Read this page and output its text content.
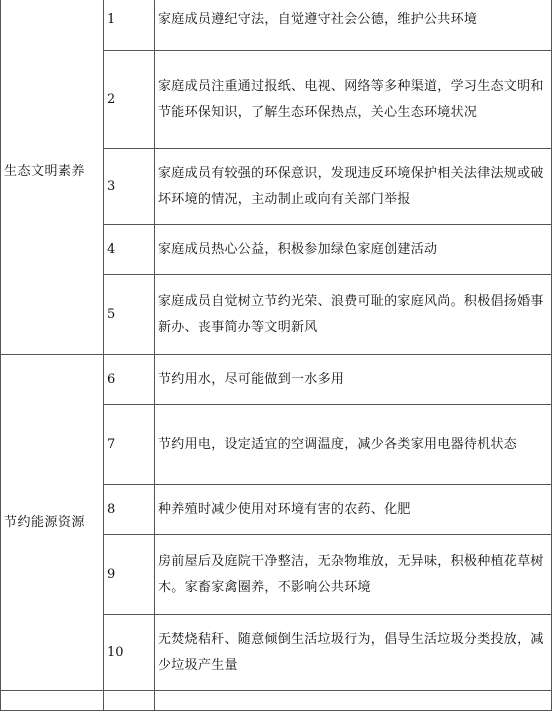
生态文明素养	1	家庭成员遵纪守法，自觉遵守社会公德，维护公共环境
	2	家庭成员注重通过报纸、电视、网络等多种渠道，学习生态文明和节能环保知识，了解生态环保热点，关心生态环境状况
	3	家庭成员有较强的环保意识，发现违反环境保护相关法律法规或破坏环境的情况，主动制止或向有关部门举报
	4	家庭成员热心公益，积极参加绿色家庭创建活动
	5	家庭成员自觉树立节约光荣、浪费可耻的家庭风尚。积极倡扬婚事新办、丧事简办等文明新风
节约能源资源	6	节约用水，尽可能做到一水多用
	7	节约用电，设定适宜的空调温度，减少各类家用电器待机状态
	8	种养殖时减少使用对环境有害的农药、化肥
	9	房前屋后及庭院干净整洁，无杂物堆放，无异味，积极种植花草树木。家畜家禽圈养，不影响公共环境
	10	无焚烧秸秆、随意倾倒生活垃圾行为，倡导生活垃圾分类投放，减少垃圾产生量
